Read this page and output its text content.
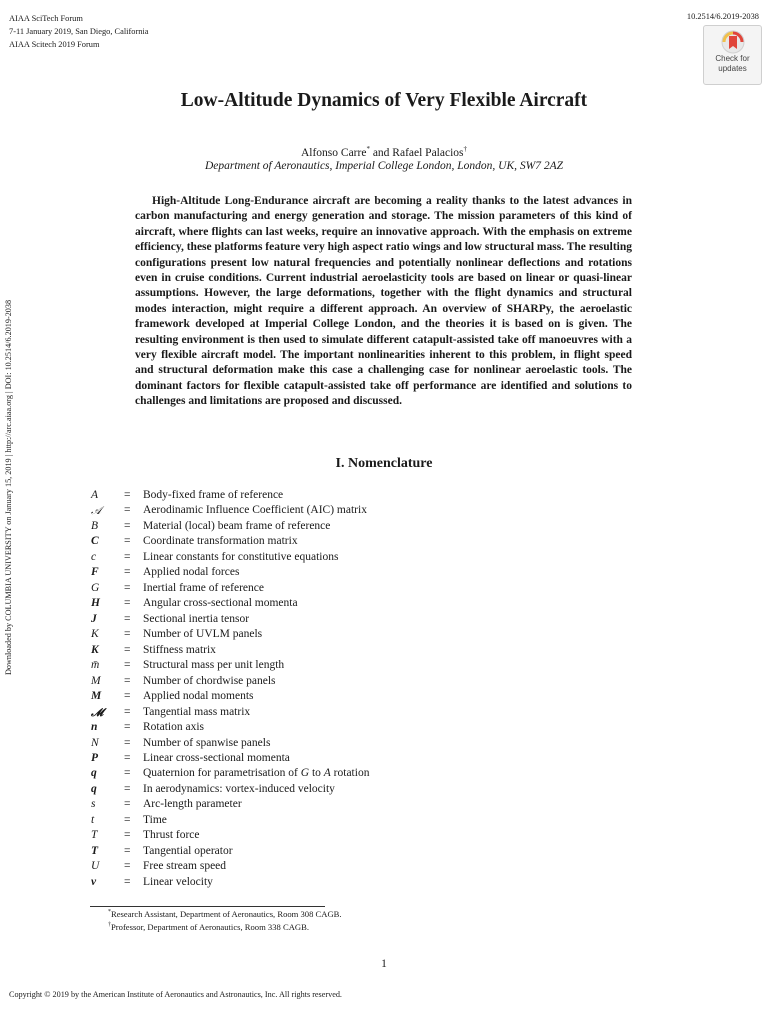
AIAA SciTech Forum
7-11 January 2019, San Diego, California
AIAA Scitech 2019 Forum
10.2514/6.2019-2038
Check for
updates
Downloaded by COLUMBIA UNIVERSITY on January 15, 2019 | http://arc.aiaa.org | DOI: 10.2514/6.2019-2038
Low-Altitude Dynamics of Very Flexible Aircraft
Alfonso Carre* and Rafael Palacios†
Department of Aeronautics, Imperial College London, London, UK, SW7 2AZ

High-Altitude Long-Endurance aircraft are becoming a reality thanks to the latest advances in carbon manufacturing and energy generation and storage. The mission parameters of this kind of aircraft, where flights can last weeks, require an innovative approach. With the emphasis on extreme efficiency, these platforms feature very high aspect ratio wings and low structural mass. The resulting configurations present low natural frequencies and potentially nonlinear deflections and rotations even in cruise conditions. Current industrial aeroelasticity tools are based on linear or quasi-linear assumptions. However, the large deformations, together with the flight dynamics and structural modes interaction, might require a different approach. An overview of SHARPy, the aeroelastic framework developed at Imperial College London, and the theories it is based on is given. The resulting environment is then used to simulate different catapult-assisted take off manoeuvres with a very flexible aircraft model. The important nonlinearities inherent to this problem, in flight speed and structural deformation make this case a challenging case for nonlinear aeroelastic tools. The dominant factors for flexible catapult-assisted take off performance are identified and solutions to challenges and limitations are proposed and discussed.

I. Nomenclature
A = Body-fixed frame of reference
𝒜 = Aerodinamic Influence Coefficient (AIC) matrix
B = Material (local) beam frame of reference
C = Coordinate transformation matrix
c = Linear constants for constitutive equations
F = Applied nodal forces
G = Inertial frame of reference
H = Angular cross-sectional momenta
J = Sectional inertia tensor
K = Number of UVLM panels
K = Stiffness matrix
m̄ = Structural mass per unit length
M = Number of chordwise panels
M = Applied nodal moments
𝓜 = Tangential mass matrix
n = Rotation axis
N = Number of spanwise panels
P = Linear cross-sectional momenta
q = Quaternion for parametrisation of G to A rotation
q = In aerodynamics: vortex-induced velocity
s = Arc-length parameter
t	= Time
T = Thrust force
T = Tangential operator
U = Free stream speed
v = Linear velocity
*Research Assistant, Department of Aeronautics, Room 308 CAGB.
†Professor, Department of Aeronautics, Room 338 CAGB.
1
Copyright © 2019 by the American Institute of Aeronautics and Astronautics, Inc. All rights reserved.
